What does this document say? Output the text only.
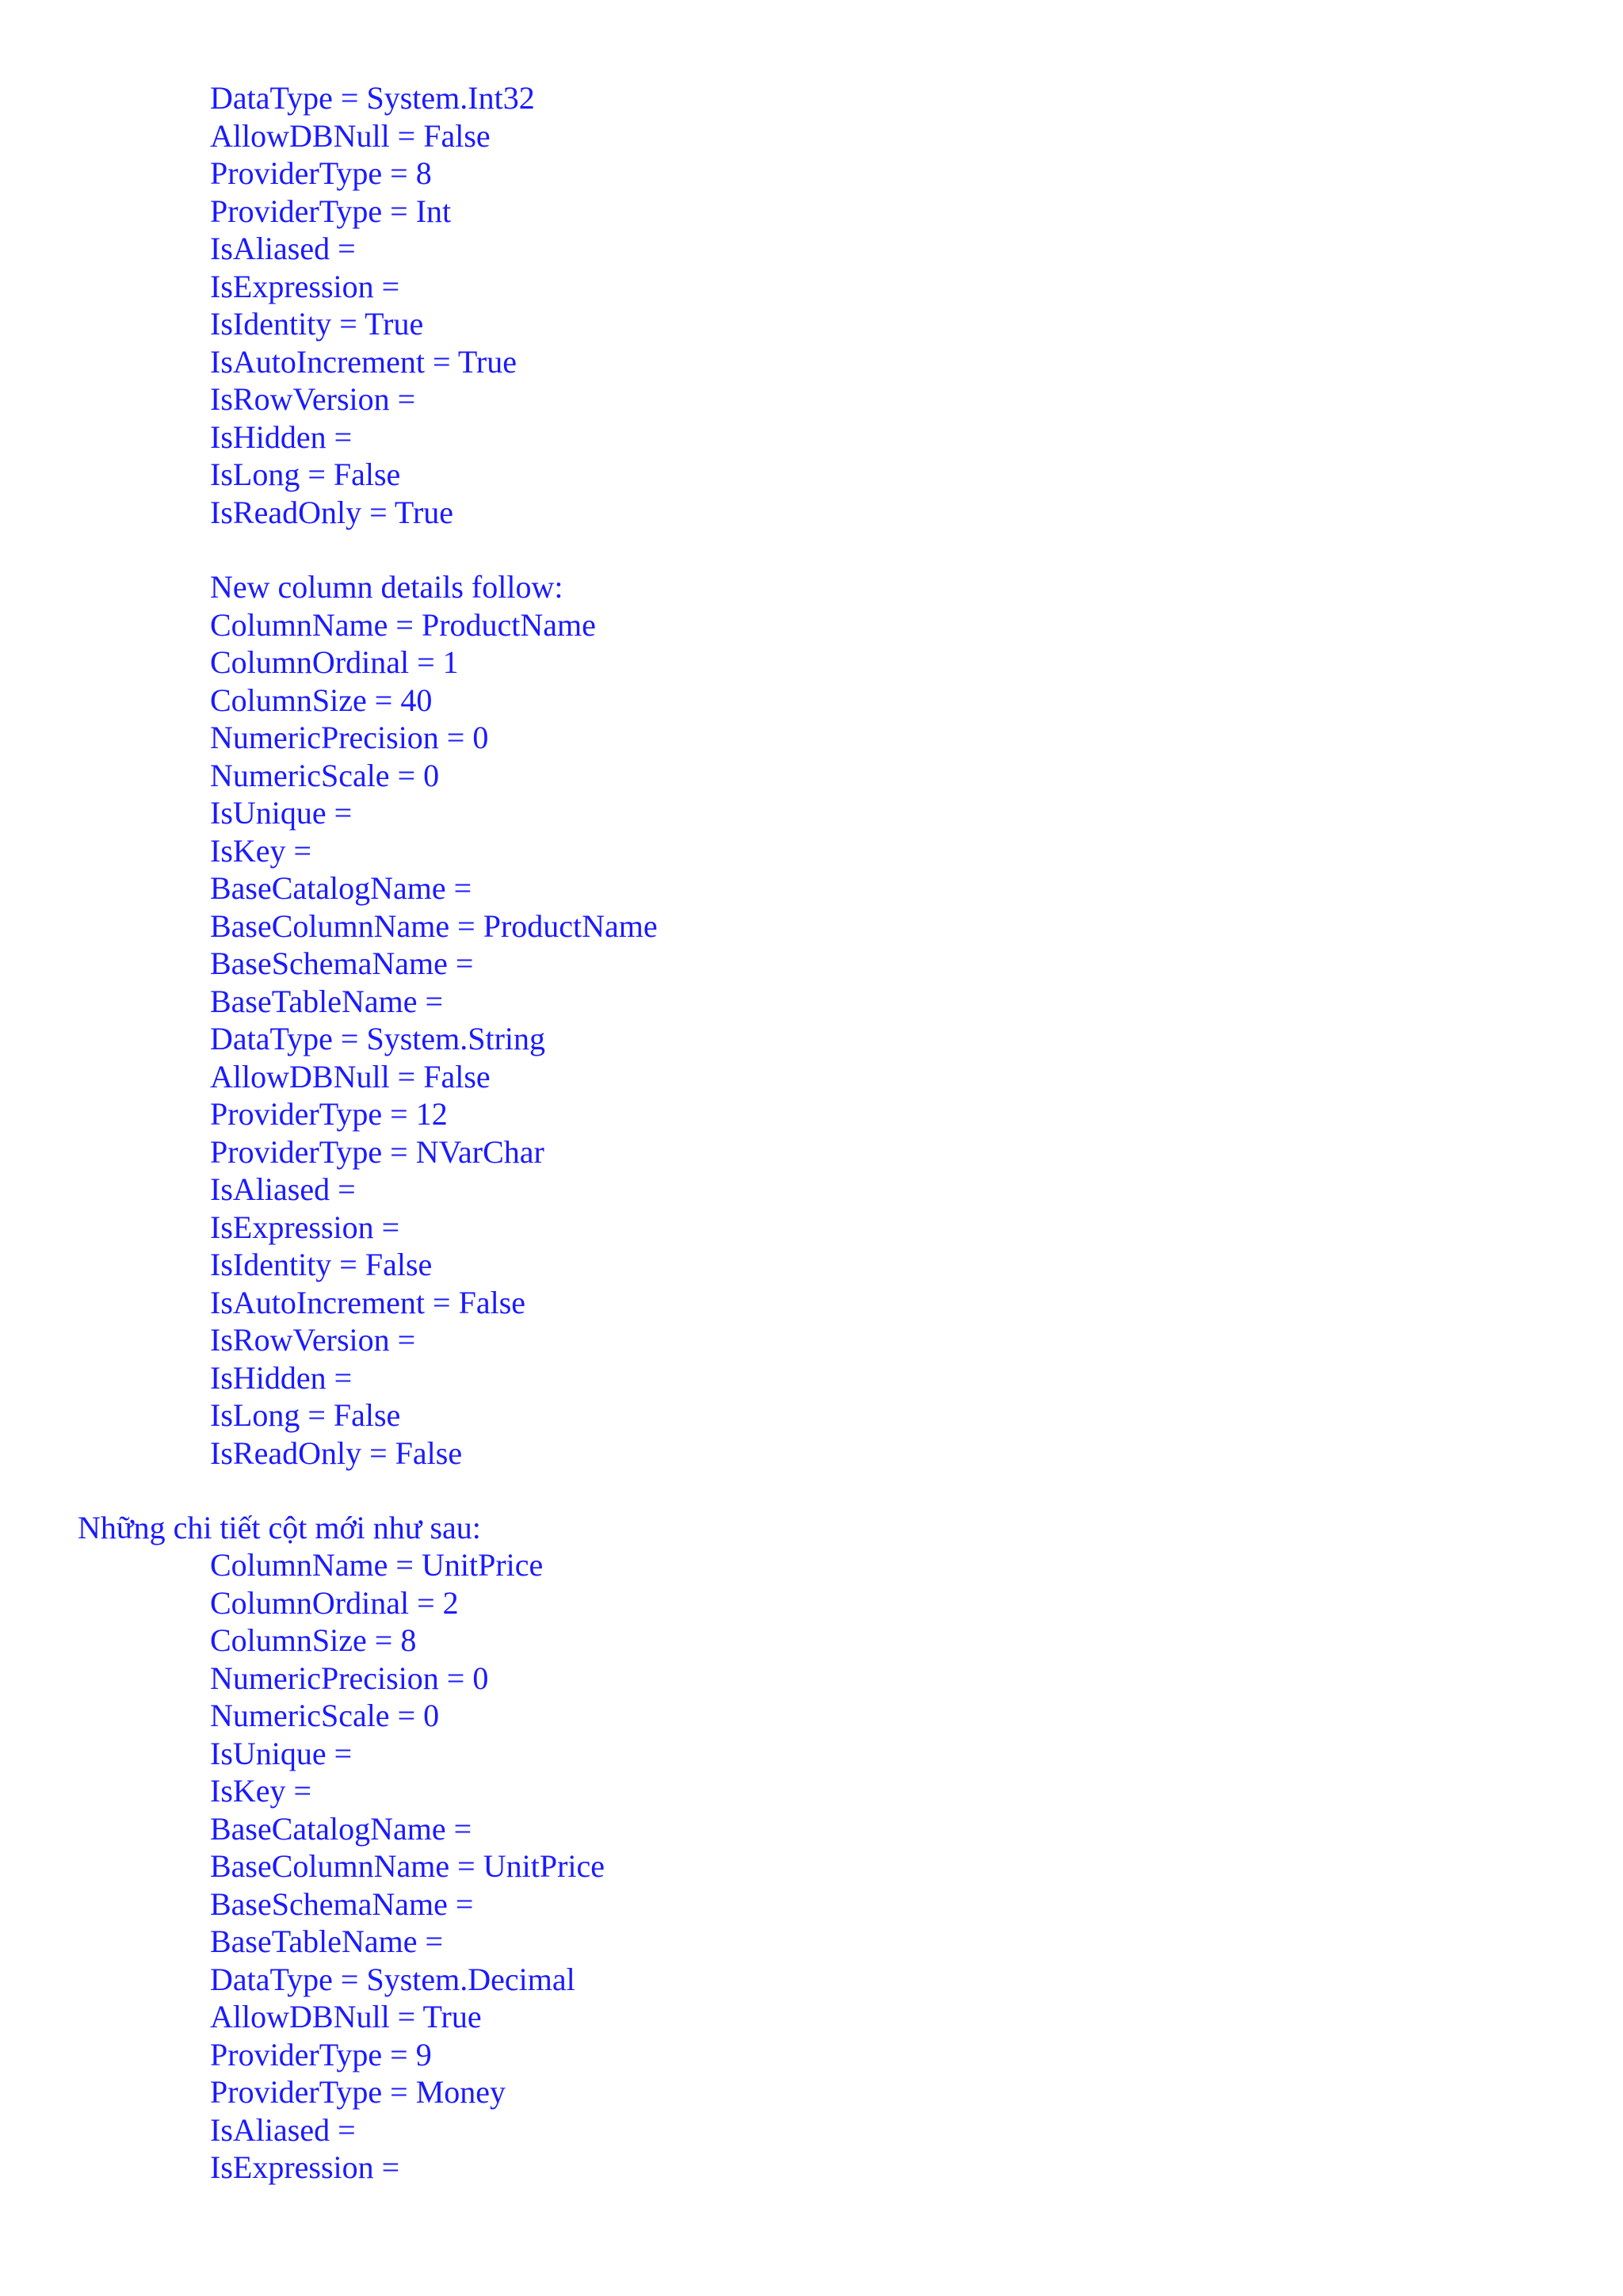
DataType = System.Int32
AllowDBNull = False
ProviderType = 8
ProviderType = Int
IsAliased =
IsExpression =
IsIdentity = True
IsAutoIncrement = True
IsRowVersion =
IsHidden =
IsLong = False
IsReadOnly = True
New column details follow:
ColumnName = ProductName
ColumnOrdinal = 1
ColumnSize = 40
NumericPrecision = 0
NumericScale = 0
IsUnique =
IsKey =
BaseCatalogName =
BaseColumnName = ProductName
BaseSchemaName =
BaseTableName =
DataType = System.String
AllowDBNull = False
ProviderType = 12
ProviderType = NVarChar
IsAliased =
IsExpression =
IsIdentity = False
IsAutoIncrement = False
IsRowVersion =
IsHidden =
IsLong = False
IsReadOnly = False

Những chi tiết cột mới như sau:

ColumnName = UnitPrice
ColumnOrdinal = 2
ColumnSize = 8
NumericPrecision = 0
NumericScale = 0
IsUnique =
IsKey =
BaseCatalogName =
BaseColumnName = UnitPrice
BaseSchemaName =
BaseTableName =
DataType = System.Decimal
AllowDBNull = True
ProviderType = 9
ProviderType = Money
IsAliased =
IsExpression =
